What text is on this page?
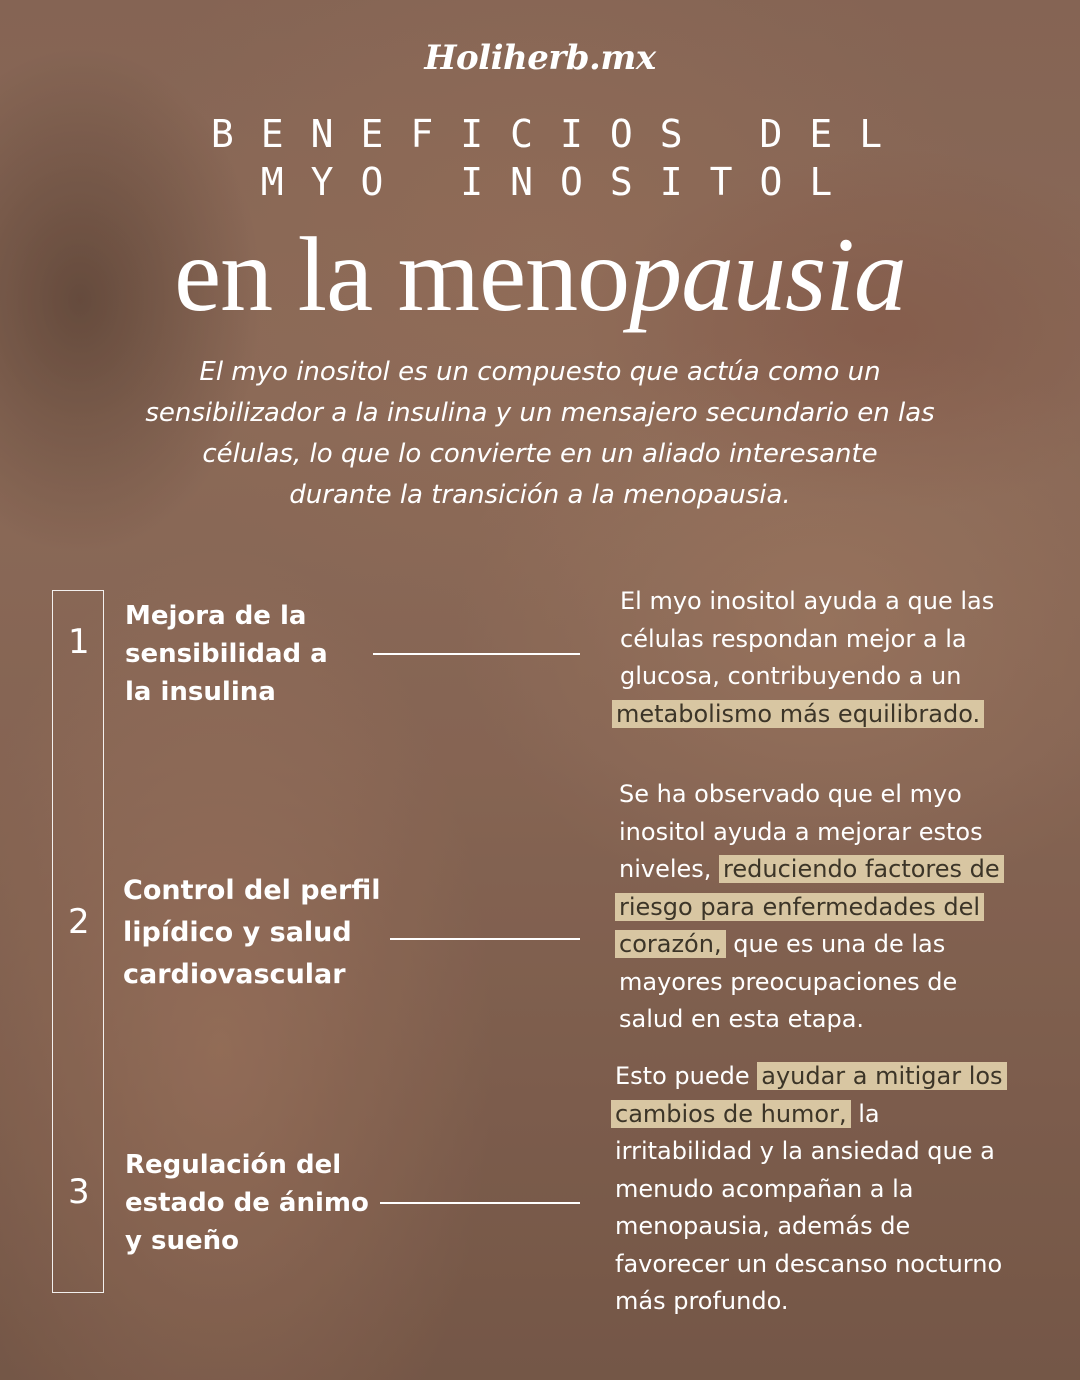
Holiherb.mx
BENEFICIOS DEL
MYO INOSITOL
en la menopausia
El myo inositol es un compuesto que actúa como un
sensibilizador a la insulina y un mensajero secundario en las
células, lo que lo convierte en un aliado interesante
durante la transición a la menopausia.
1
Mejora de la
sensibilidad a
la insulina
El myo inositol ayuda a que las
células respondan mejor a la
glucosa, contribuyendo a un
metabolismo más equilibrado.
2
Control del perfil
lipídico y salud
cardiovascular
Se ha observado que el myo
inositol ayuda a mejorar estos
niveles, reduciendo factores de
riesgo para enfermedades del
corazón, que es una de las
mayores preocupaciones de
salud en esta etapa.
3
Regulación del
estado de ánimo
y sueño
Esto puede ayudar a mitigar los
cambios de humor, la
irritabilidad y la ansiedad que a
menudo acompañan a la
menopausia, además de
favorecer un descanso nocturno
más profundo.
